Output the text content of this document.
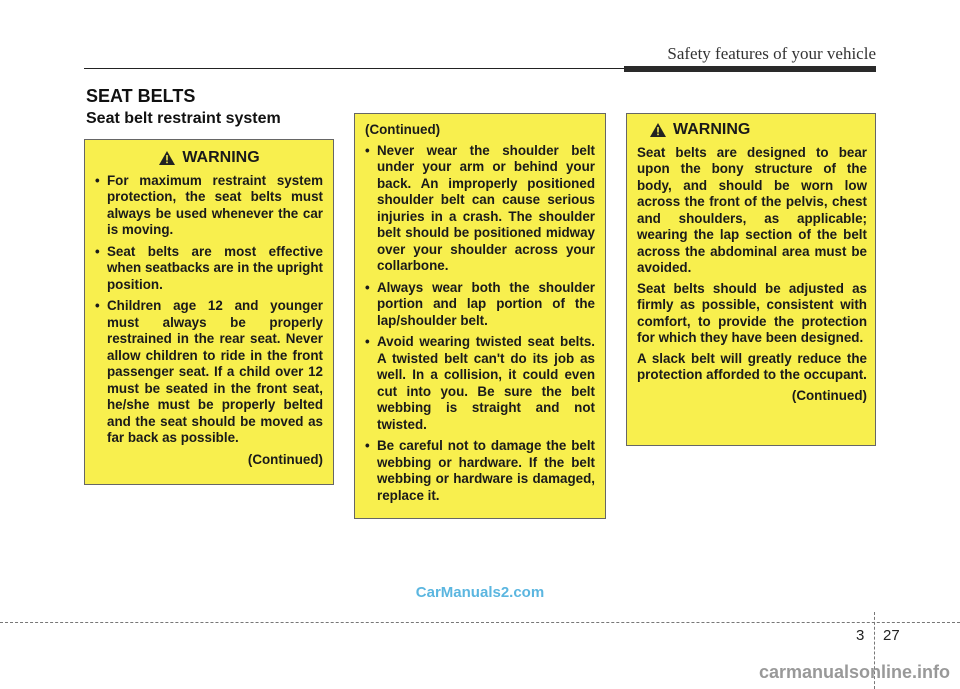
Safety features of your vehicle
SEAT BELTS
Seat belt restraint system
WARNING
• For maximum restraint system protection, the seat belts must always be used whenever the car is moving.
• Seat belts are most effective when seatbacks are in the upright position.
• Children age 12 and younger must always be properly restrained in the rear seat. Never allow children to ride in the front passenger seat. If a child over 12 must be seated in the front seat, he/she must be properly belted and the seat should be moved as far back as possible.
(Continued)
(Continued)
• Never wear the shoulder belt under your arm or behind your back. An improperly positioned shoulder belt can cause serious injuries in a crash. The shoulder belt should be positioned midway over your shoulder across your collarbone.
• Always wear both the shoulder portion and lap portion of the lap/shoulder belt.
• Avoid wearing twisted seat belts. A twisted belt can't do its job as well. In a collision, it could even cut into you. Be sure the belt webbing is straight and not twisted.
• Be careful not to damage the belt webbing or hardware. If the belt webbing or hardware is damaged, replace it.
WARNING

Seat belts are designed to bear upon the bony structure of the body, and should be worn low across the front of the pelvis, chest and shoulders, as applicable; wearing the lap section of the belt across the abdominal area must be avoided.

Seat belts should be adjusted as firmly as possible, consistent with comfort, to provide the protection for which they have been designed.

A slack belt will greatly reduce the protection afforded to the occupant.

(Continued)
CarManuals2.com
3 27
carmanualsonline.info
